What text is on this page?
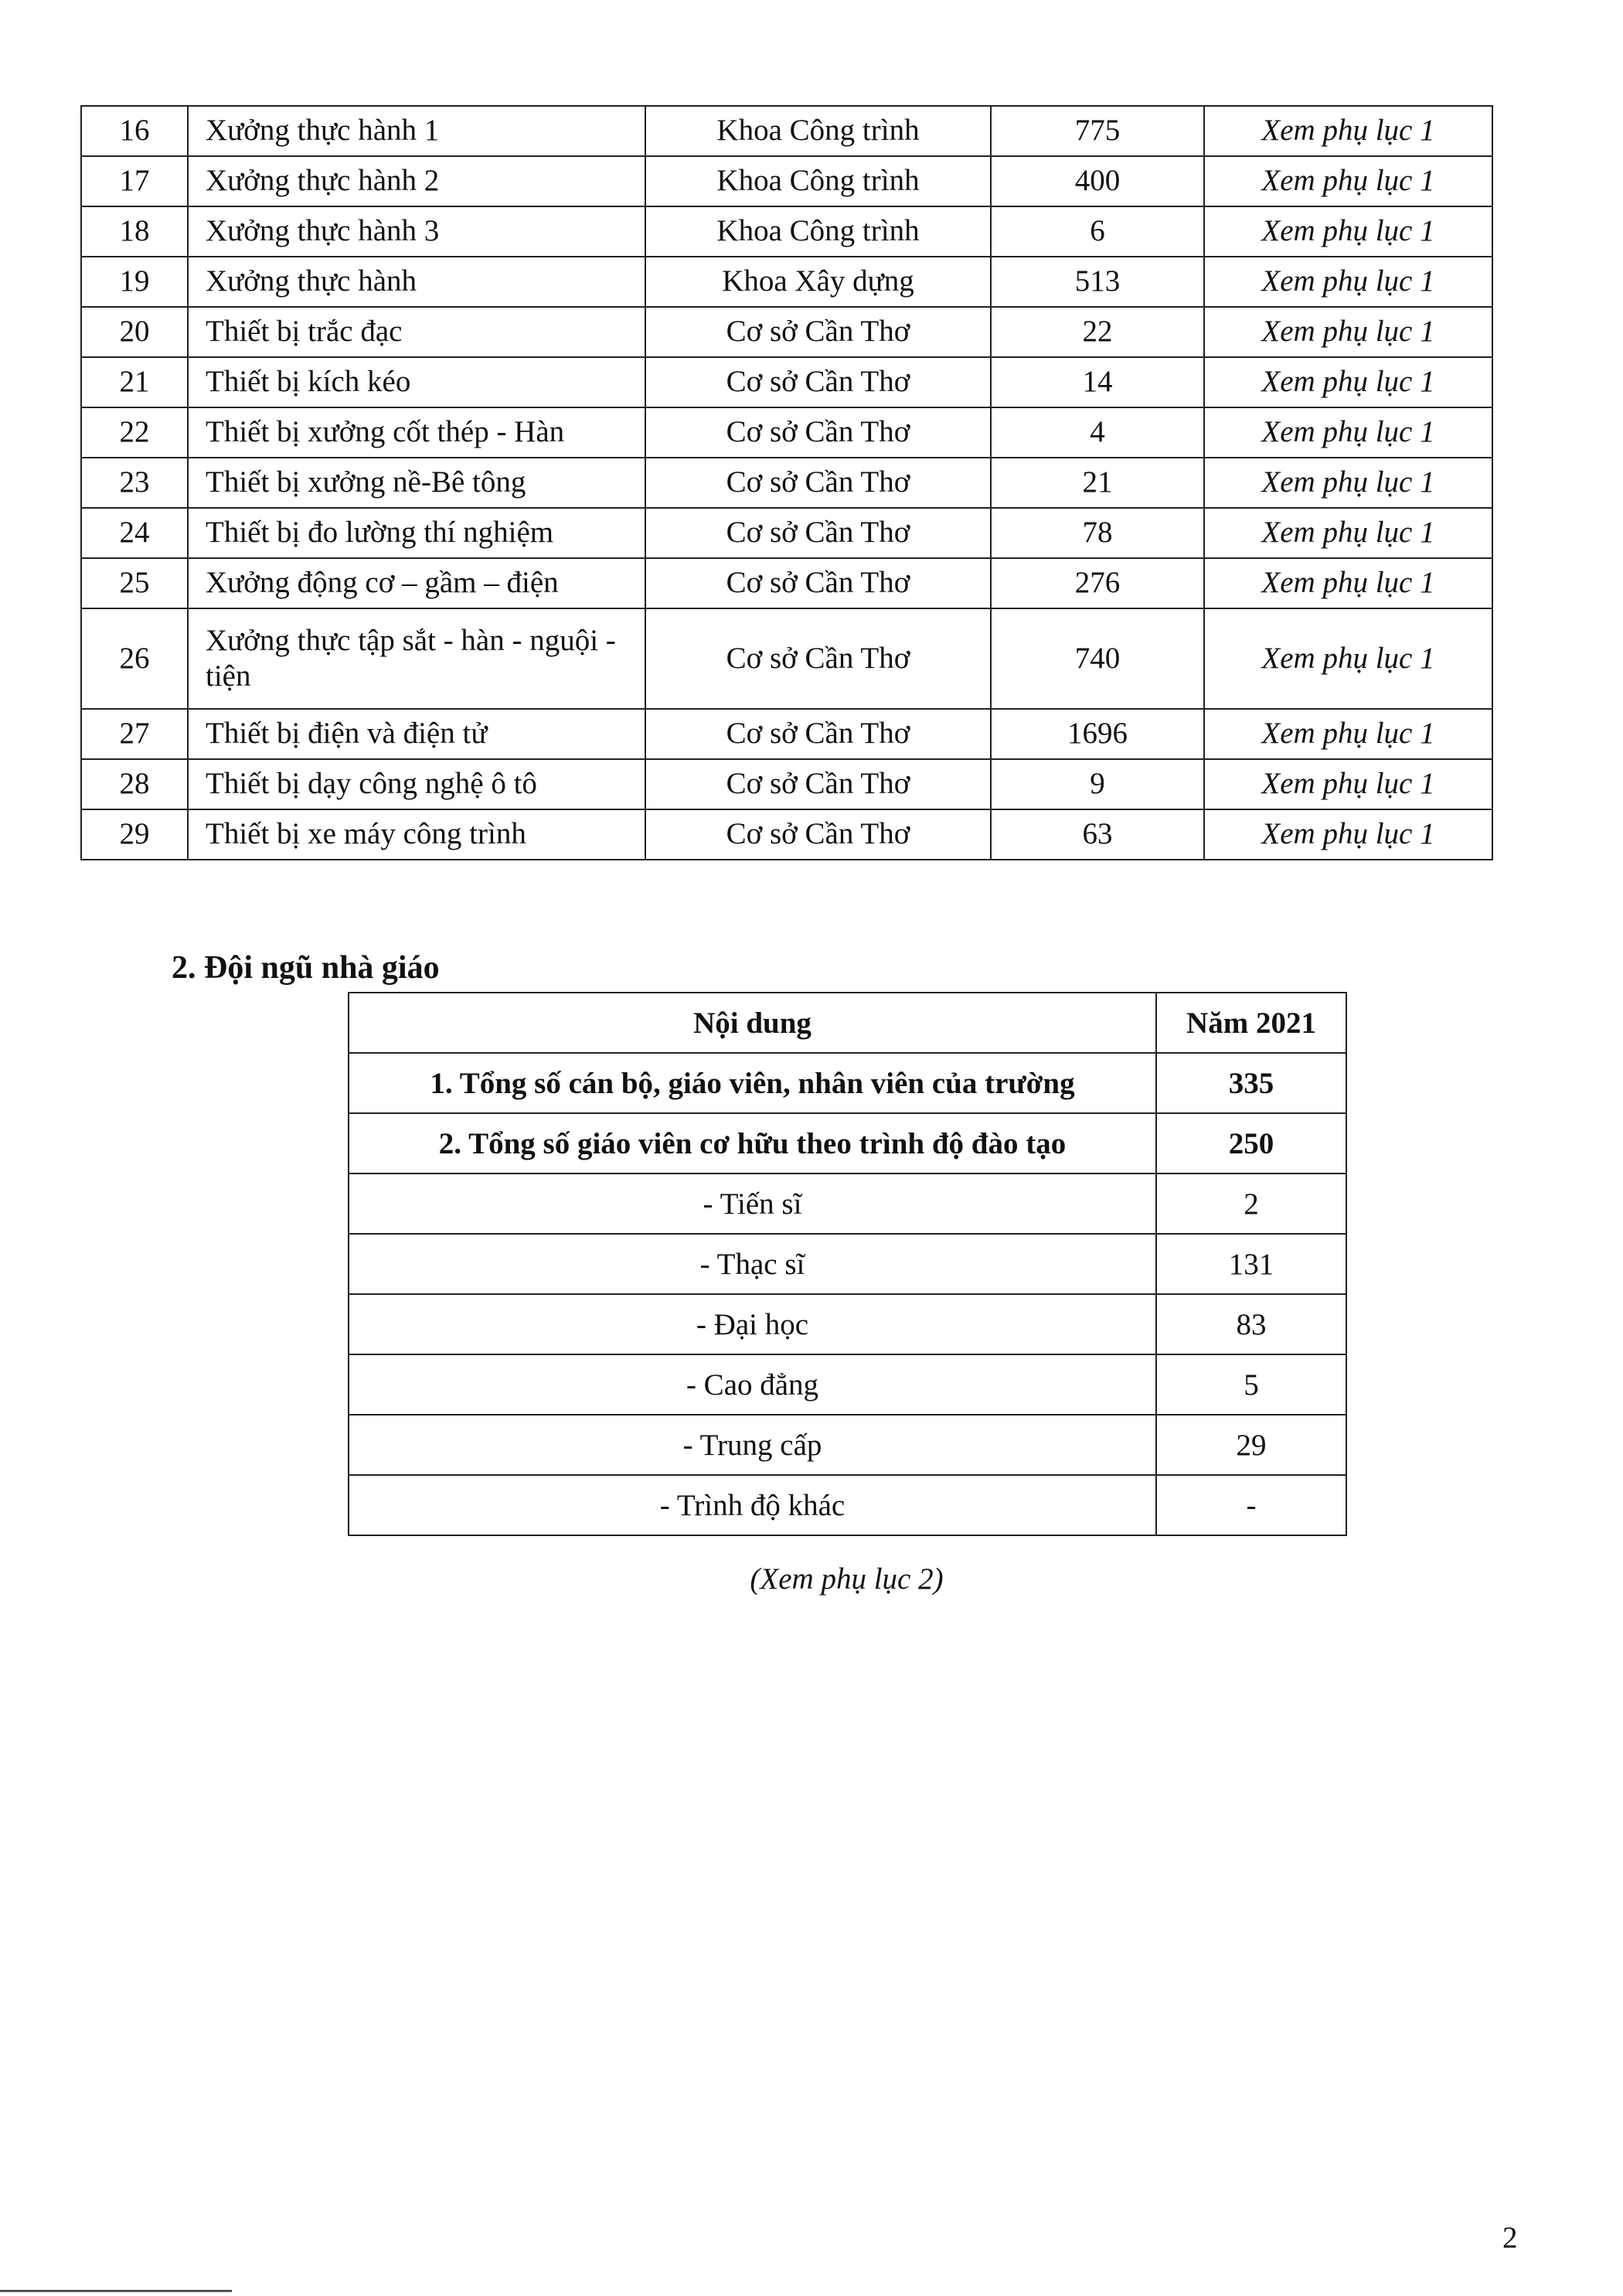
16	Xưởng thực hành 1	Khoa Công trình	775	Xem phụ lục 1
17	Xưởng thực hành 2	Khoa Công trình	400	Xem phụ lục 1
18	Xưởng thực hành 3	Khoa Công trình	6	Xem phụ lục 1
19	Xưởng thực hành	Khoa Xây dựng	513	Xem phụ lục 1
20	Thiết bị trắc đạc	Cơ sở Cần Thơ	22	Xem phụ lục 1
21	Thiết bị kích kéo	Cơ sở Cần Thơ	14	Xem phụ lục 1
22	Thiết bị xưởng cốt thép - Hàn	Cơ sở Cần Thơ	4	Xem phụ lục 1
23	Thiết bị xưởng nề-Bê tông	Cơ sở Cần Thơ	21	Xem phụ lục 1
24	Thiết bị đo lường thí nghiệm	Cơ sở Cần Thơ	78	Xem phụ lục 1
25	Xưởng động cơ – gầm – điện	Cơ sở Cần Thơ	276	Xem phụ lục 1
26	Xưởng thực tập sắt - hàn - nguội - tiện	Cơ sở Cần Thơ	740	Xem phụ lục 1
27	Thiết bị điện và điện tử	Cơ sở Cần Thơ	1696	Xem phụ lục 1
28	Thiết bị dạy công nghệ ô tô	Cơ sở Cần Thơ	9	Xem phụ lục 1
29	Thiết bị xe máy công trình	Cơ sở Cần Thơ	63	Xem phụ lục 1
2. Đội ngũ nhà giáo
Nội dung	Năm 2021
1. Tổng số cán bộ, giáo viên, nhân viên của trường	335
2. Tổng số giáo viên cơ hữu theo trình độ đào tạo	250
- Tiến sĩ	2
- Thạc sĩ	131
- Đại học	83
- Cao đẳng	5
- Trung cấp	29
- Trình độ khác	-
(Xem phụ lục 2)
2
